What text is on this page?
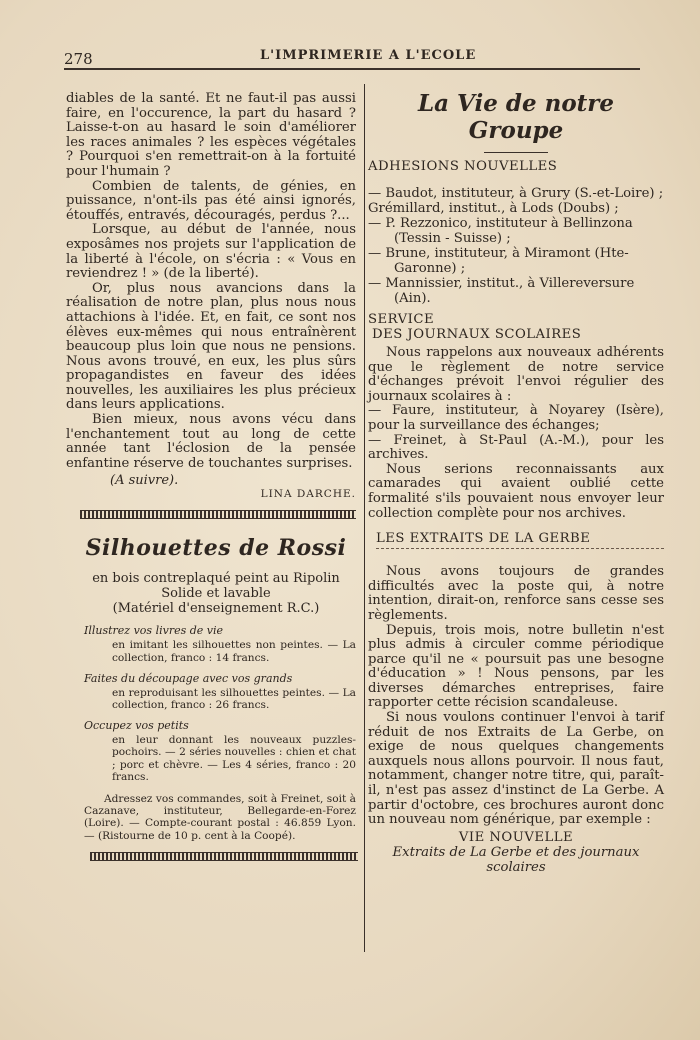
278	L'IMPRIMERIE A L'ECOLE

diables de la santé. Et ne faut-il pas aussi faire, en l'occurence, la part du hasard ? Laisse-t-on au hasard le soin d'améliorer les races animales ? les espèces végétales ? Pourquoi s'en remettrait-on à la fortuité pour l'humain ?

Combien de talents, de génies, en puissance, n'ont-ils pas été ainsi ignorés, étouffés, entravés, découragés, perdus ?...

Lorsque, au début de l'année, nous exposâmes nos projets sur l'application de la liberté à l'école, on s'écria : « Vous en reviendrez ! » (de la liberté).

Or, plus nous avancions dans la réalisation de notre plan, plus nous nous attachions à l'idée. Et, en fait, ce sont nos élèves eux-mêmes qui nous entraînèrent beaucoup plus loin que nous ne pensions. Nous avons trouvé, en eux, les plus sûrs propagandistes en faveur des idées nouvelles, les auxiliaires les plus précieux dans leurs applications.

Bien mieux, nous avons vécu dans l'enchantement tout au long de cette année tant l'éclosion de la pensée enfantine réserve de touchantes surprises.

(A suivre).
LINA DARCHE.
Silhouettes de Rossi
en bois contreplaqué peint au Ripolin
Solide et lavable
(Matériel d'enseignement R.C.)
Illustrez vos livres de vie
en imitant les silhouettes non peintes. — La collection, franco : 14 francs.
Faites du découpage avec vos grands
en reproduisant les silhouettes peintes. — La collection, franco : 26 francs.
Occupez vos petits
en leur donnant les nouveaux puzzles-pochoirs. — 2 séries nouvelles : chien et chat ; porc et chèvre. — Les 4 séries, franco : 20 francs.
Adressez vos commandes, soit à Freinet, soit à Cazanave, instituteur, Bellegarde-en-Forez (Loire). — Compte-courant postal : 46.859 Lyon. — (Ristourne de 10 p. cent à la Coopé).
La Vie de notre Groupe
ADHESIONS NOUVELLES

— Baudot, instituteur, à Grury (S.-et-Loire) ;

Grémillard, institut., à Lods (Doubs) ;

— P. Rezzonico, instituteur à Bellinzona (Tessin - Suisse) ;

— Brune, instituteur, à Miramont (Hte-Garonne) ;

— Mannissier, institut., à Villereversure (Ain).

SERVICE
DES JOURNAUX SCOLAIRES

Nous rappelons aux nouveaux adhérents que le règlement de notre service d'échanges prévoit l'envoi régulier des journaux scolaires à :

— Faure, instituteur, à Noyarey (Isère), pour la surveillance des échanges;

— Freinet, à St-Paul (A.-M.), pour les archives.

Nous serions reconnaissants aux camarades qui avaient oublié cette formalité s'ils pouvaient nous envoyer leur collection complète pour nos archives.

LES EXTRAITS DE LA GERBE

Nous avons toujours de grandes difficultés avec la poste qui, à notre intention, dirait-on, renforce sans cesse ses règlements.

Depuis, trois mois, notre bulletin n'est plus admis à circuler comme périodique parce qu'il ne « poursuit pas une besogne d'éducation » ! Nous pensons, par les diverses démarches entreprises, faire rapporter cette récision scandaleuse.

Si nous voulons continuer l'envoi à tarif réduit de nos Extraits de La Gerbe, on exige de nous quelques changements auxquels nous allons pourvoir. Il nous faut, notamment, changer notre titre, qui, paraît-il, n'est pas assez d'instinct de La Gerbe. A partir d'octobre, ces brochures auront donc un nouveau nom générique, par exemple :

VIE NOUVELLE
Extraits de La Gerbe et des journaux scolaires
